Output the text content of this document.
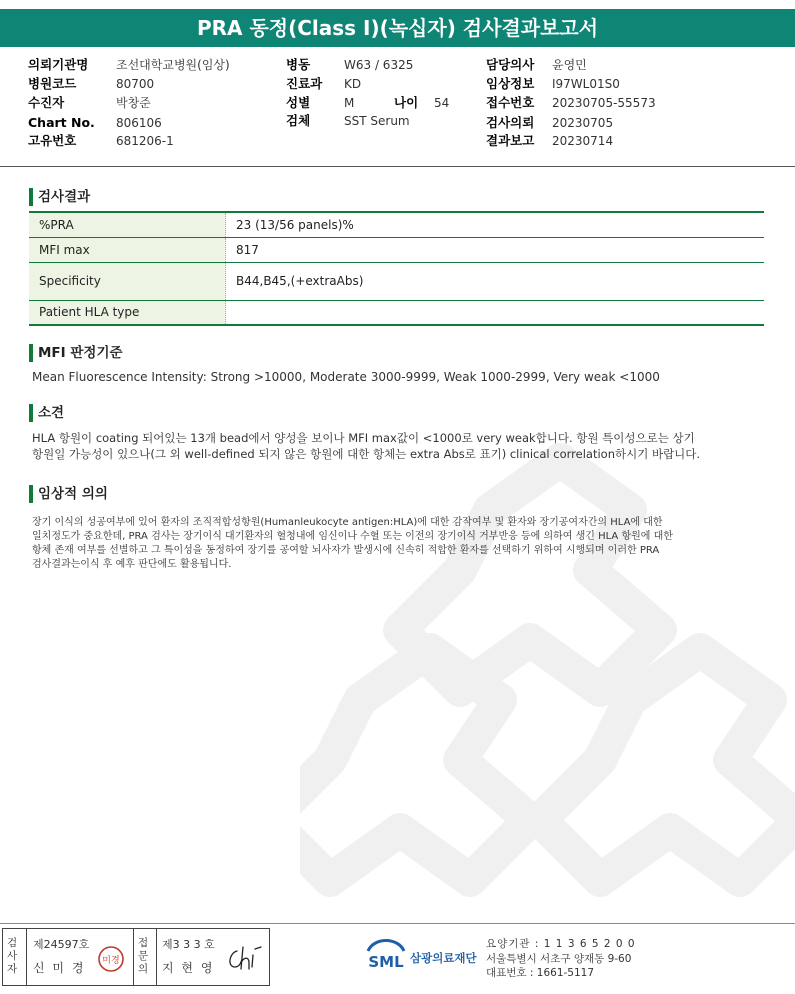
PRA 동정(Class I)(녹십자) 검사결과보고서
의뢰기관명 조선대학교병원(임상)
병원코드	80700
수진자	박창준
Chart No. 806106
고유번호	681206-1
병동	W63 / 6325
진료과 KD
성별	M	나이 54
검체	SST Serum
담당의사 윤영민
임상정보 I97WL01S0
접수번호 20230705-55573
검사의뢰 20230705
결과보고 20230714
검사결과
%PRA	23 (13/56 panels)%
MFI max	817
Specificity	B44,B45,(+extraAbs)
Patient HLA type	
MFI 판정기준
Mean Fluorescence Intensity: Strong >10000, Moderate 3000-9999, Weak 1000-2999, Very weak <1000
소견
HLA 항원이 coating 되어있는 13개 bead에서 양성을 보이나 MFI max값이 <1000로 very weak합니다. 항원 특이성으로는 상기
항원일 가능성이 있으나(그 외 well-defined 되지 않은 항원에 대한 항체는 extra Abs로 표기) clinical correlation하시기 바랍니다.
임상적 의의
장기 이식의 성공여부에 있어 환자의 조직적합성항원(Humanleukocyte antigen:HLA)에 대한 감작여부 및 환자와 장기공여자간의 HLA에 대한
일치정도가 중요한데, PRA 검사는 장기이식 대기환자의 혈청내에 임신이나 수혈 또는 이전의 장기이식 거부반응 등에 의하여 생긴 HLA 항원에 대한
항체 존재 여부를 선별하고 그 특이성을 동정하여 장기를 공여할 뇌사자가 발생시에 신속히 적합한 환자를 선택하기 위하여 시행되며 이러한 PRA
검사결과는이식 후 예후 판단에도 활용됩니다.
검사자
제24597호
신 미 경 미경
접문의
제3 3 3 호
지 현 영	SML 삼광의료재단
요양기관 : 1 1 3 6 5 2 0 0
서울특별시 서초구 양재동 9-60
대표번호 : 1661-5117
